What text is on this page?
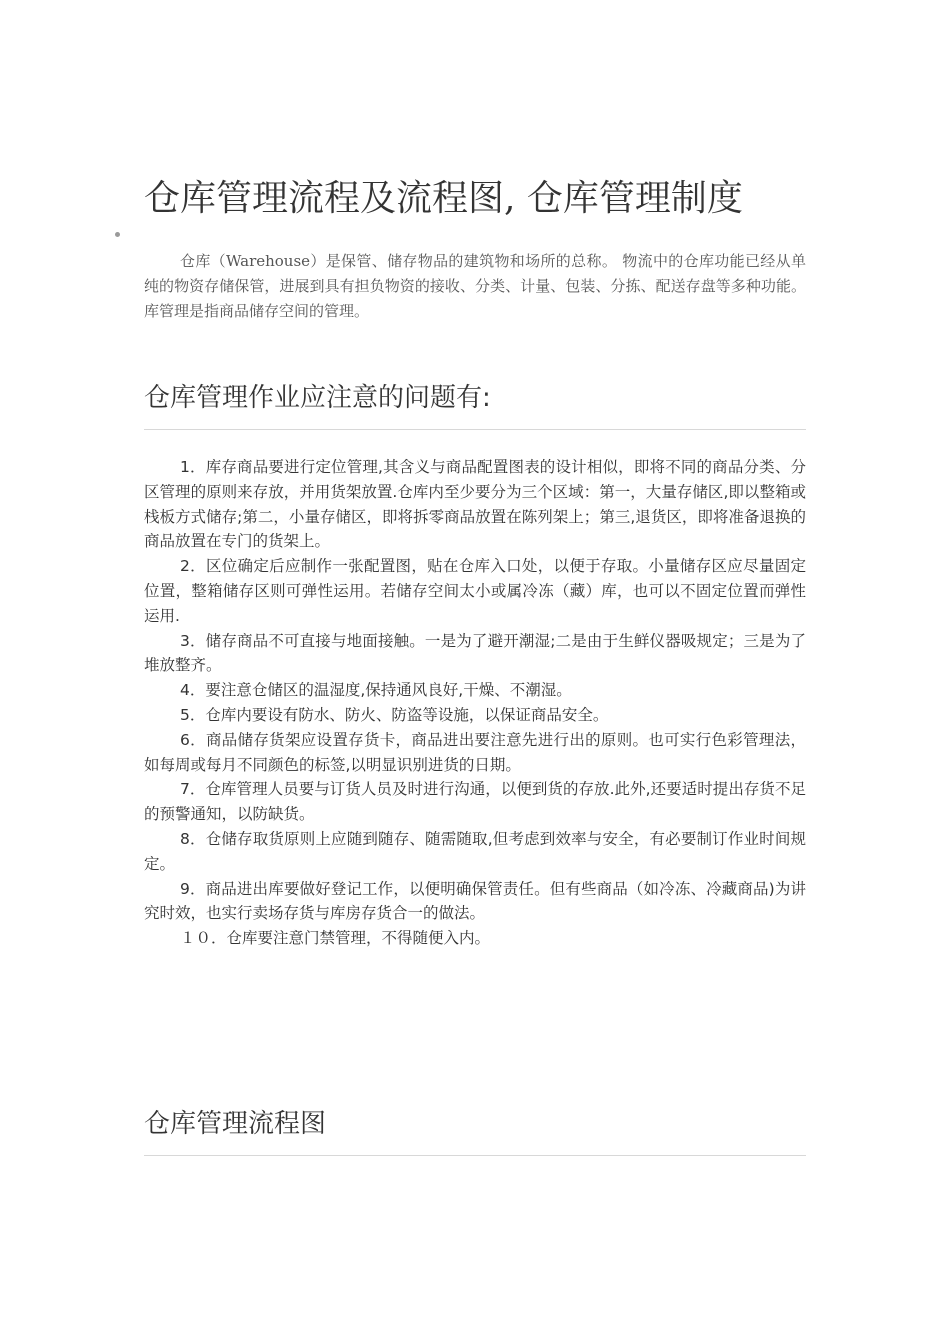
仓库管理流程及流程图, 仓库管理制度

仓库（Warehouse）是保管、储存物品的建筑物和场所的总称。 物流中的仓库功能已经从单纯的物资存储保管，进展到具有担负物资的接收、分类、计量、包装、分拣、配送存盘等多种功能。库管理是指商品储存空间的管理。

仓库管理作业应注意的问题有:
1．库存商品要进行定位管理,其含义与商品配置图表的设计相似，即将不同的商品分类、分区管理的原则来存放，并用货架放置.仓库内至少要分为三个区域：第一，大量存储区,即以整箱或栈板方式储存;第二，小量存储区，即将拆零商品放置在陈列架上；第三,退货区，即将准备退换的商品放置在专门的货架上。
2．区位确定后应制作一张配置图，贴在仓库入口处，以便于存取。小量储存区应尽量固定位置，整箱储存区则可弹性运用。若储存空间太小或属冷冻（藏）库，也可以不固定位置而弹性运用.
3．储存商品不可直接与地面接触。一是为了避开潮湿;二是由于生鲜仪器吸规定；三是为了堆放整齐。
4．要注意仓储区的温湿度,保持通风良好,干燥、不潮湿。
5．仓库内要设有防水、防火、防盗等设施，以保证商品安全。
6．商品储存货架应设置存货卡，商品进出要注意先进行出的原则。也可实行色彩管理法，如每周或每月不同颜色的标签,以明显识别进货的日期。
7．仓库管理人员要与订货人员及时进行沟通，以便到货的存放.此外,还要适时提出存货不足的预警通知，以防缺货。
8．仓储存取货原则上应随到随存、随需随取,但考虑到效率与安全，有必要制订作业时间规定。
9．商品进出库要做好登记工作，以便明确保管责任。但有些商品（如冷冻、冷藏商品)为讲究时效，也实行卖场存货与库房存货合一的做法。
１０．仓库要注意门禁管理，不得随便入内。
仓库管理流程图
